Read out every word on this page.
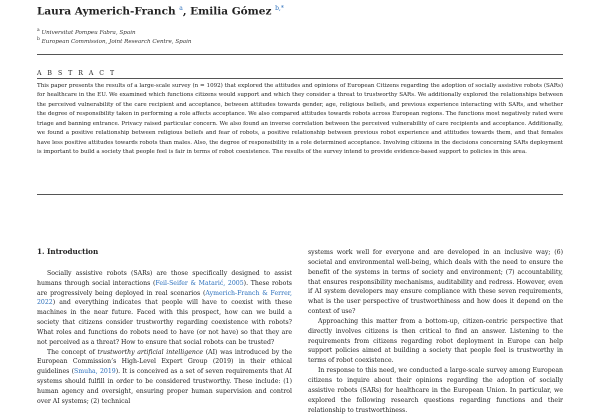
Laura Aymerich-Franch $^a$, Emilia Gómez $^{b,*}$
$^a$ Universitat Pompeu Fabra, Spain
$^b$ European Commission, Joint Research Centre, Spain
A B S T R A C T

This paper presents the results of a large-scale survey (n = 1092) that explored the attitudes and opinions of European Citizens regarding the adoption of socially assistive robots (SARs) for healthcare in the EU. We examined which functions citizens would support and which they consider a threat to trustworthy SARs. We additionally explored the relationships between the perceived vulnerability of the care recipient and acceptance, between attitudes towards gender, age, religious beliefs, and previous experience interacting with SARs, and whether the degree of responsibility taken in performing a role affects acceptance. We also compared attitudes towards robots across European regions. The functions most negatively rated were triage and banning entrance. Privacy raised particular concern. We also found an inverse correlation between the perceived vulnerability of care recipients and acceptance. Additionally, we found a positive relationship between religious beliefs and fear of robots, a positive relationship between previous robot experience and attitudes towards them, and that females have less positive attitudes towards robots than males. Also, the degree of responsibility in a role determined acceptance. Involving citizens in the decisions concerning SARs deployment is important to build a society that people feel is fair in terms of robot coexistence. The results of the survey intend to provide evidence-based support to policies in this area.

1. Introduction

Socially assistive robots (SARs) are those specifically designed to assist humans through social interactions (Feil-Seifer & Matarić, 2005). These robots are progressively being deployed in real scenarios (Aymerich-Franch & Ferrer, 2022) and everything indicates that people will have to coexist with these machines in the near future. Faced with this prospect, how can we build a society that citizens consider trustworthy regarding coexistence with robots? What roles and functions do robots need to have (or not have) so that they are not perceived as a threat? How to ensure that social robots can be trusted?

The concept of trustworthy artificial intelligence (AI) was introduced by the European Commission’s High-Level Expert Group (2019) in their ethical guidelines (Smuha, 2019). It is conceived as a set of seven requirements that AI systems should fulfill in order to be considered trustworthy. These include: (1) human agency and oversight, ensuring proper human supervision and control over AI systems; (2) technical

systems work well for everyone and are developed in an inclusive way; (6) societal and environmental well-being, which deals with the need to ensure the benefit of the systems in terms of society and environment; (7) accountability, that ensures responsibility mechanisms, auditability and redress. However, even if AI system developers may ensure compliance with these seven requirements, what is the user perspective of trustworthiness and how does it depend on the context of use?

Approaching this matter from a bottom-up, citizen-centric perspective that directly involves citizens is then critical to find an answer. Listening to the requirements from citizens regarding robot deployment in Europe can help support policies aimed at building a society that people feel is trustworthy in terms of robot coexistence.

In response to this need, we conducted a large-scale survey among European citizens to inquire about their opinions regarding the adoption of socially assistive robots (SARs) for healthcare in the European Union. In particular, we explored the following research questions regarding functions and their relationship to trustworthiness.
